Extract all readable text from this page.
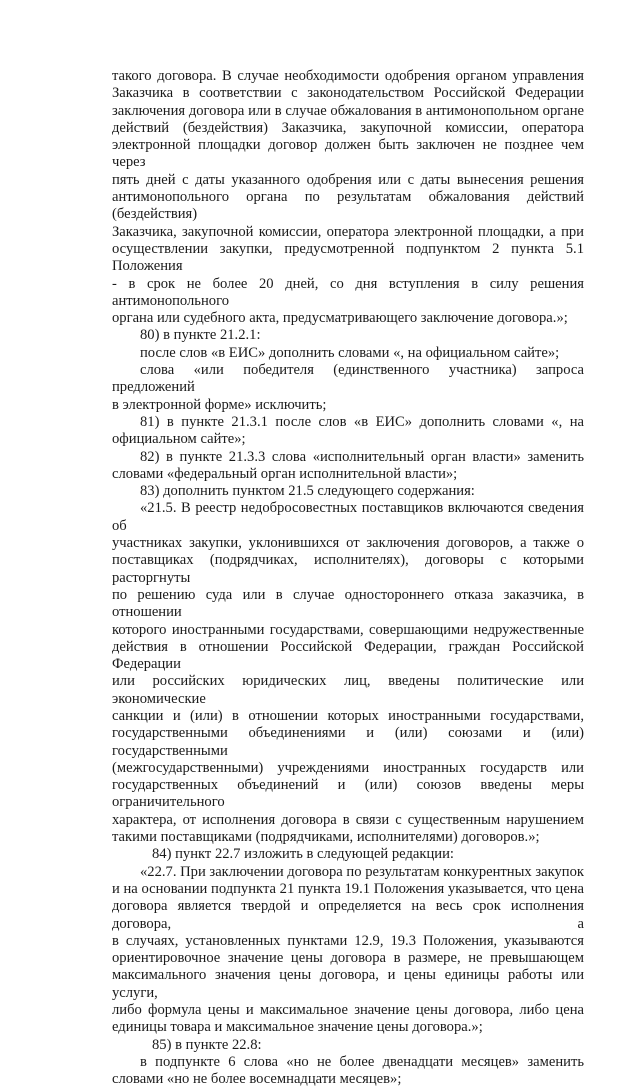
такого договора. В случае необходимости одобрения органом управления

Заказчика в соответствии с законодательством Российской Федерации

заключения договора или в случае обжалования в антимонопольном органе

действий (бездействия) Заказчика, закупочной комиссии, оператора

электронной площадки договор должен быть заключен не позднее чем через

пять дней с даты указанного одобрения или с даты вынесения решения

антимонопольного органа по результатам обжалования действий (бездействия)

Заказчика, закупочной комиссии, оператора электронной площадки, а при

осуществлении закупки, предусмотренной подпунктом 2 пункта 5.1 Положения

- в срок не более 20 дней, со дня вступления в силу решения антимонопольного

органа или судебного акта, предусматривающего заключение договора.»;

80) в пункте 21.2.1:

после слов «в ЕИС» дополнить словами «, на официальном сайте»;

слова «или победителя (единственного участника) запроса предложений

в электронной форме» исключить;

81) в пункте 21.3.1 после слов «в ЕИС» дополнить словами «, на

официальном сайте»;

82) в пункте 21.3.3 слова «исполнительный орган власти» заменить

словами «федеральный орган исполнительной власти»;

83) дополнить пунктом 21.5 следующего содержания:

«21.5. В реестр недобросовестных поставщиков включаются сведения об

участниках закупки, уклонившихся от заключения договоров, а также о

поставщиках (подрядчиках, исполнителях), договоры с которыми расторгнуты

по решению суда или в случае одностороннего отказа заказчика, в отношении

которого иностранными государствами, совершающими недружественные

действия в отношении Российской Федерации, граждан Российской Федерации

или российских юридических лиц, введены политические или экономические

санкции и (или) в отношении которых иностранными государствами,

государственными объединениями и (или) союзами и (или) государственными

(межгосударственными) учреждениями иностранных государств или

государственных объединений и (или) союзов введены меры ограничительного

характера, от исполнения договора в связи с существенным нарушением

такими поставщиками (подрядчиками, исполнителями) договоров.»;

84) пункт 22.7 изложить в следующей редакции:

«22.7. При заключении договора по результатам конкурентных закупок

и на основании подпункта 21 пункта 19.1 Положения указывается, что цена

договора является твердой и определяется на весь срок исполнения договора, а

в случаях, установленных пунктами 12.9, 19.3 Положения, указываются

ориентировочное значение цены договора в размере, не превышающем

максимального значения цены договора, и цены единицы работы или услуги,

либо формула цены и максимальное значение цены договора, либо цена

единицы товара и максимальное значение цены договора.»;

85) в пункте 22.8:

в подпункте 6 слова «но не более двенадцати месяцев» заменить

словами «но не более восемнадцати месяцев»;
